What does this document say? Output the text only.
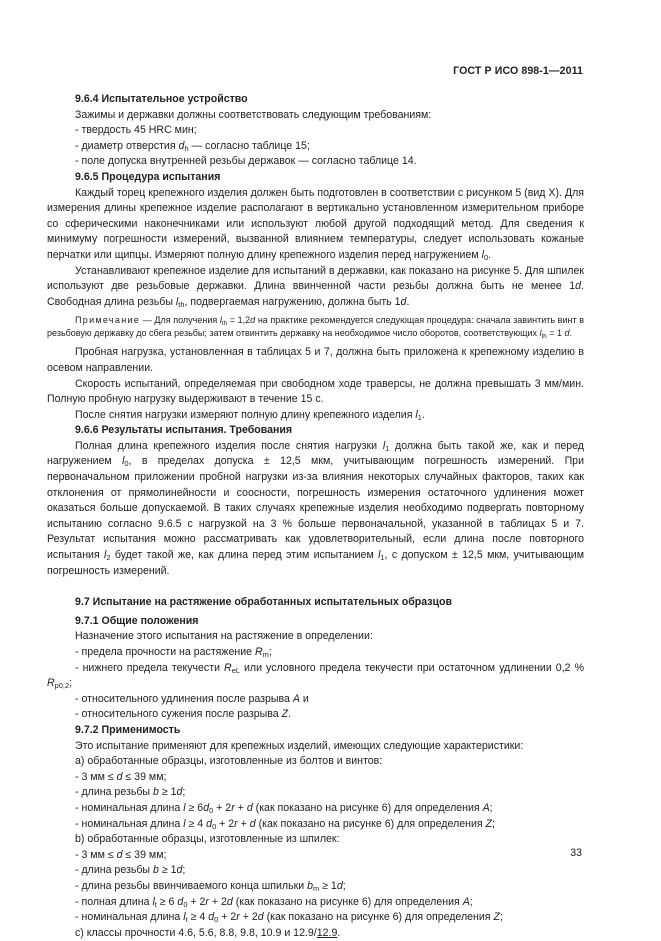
ГОСТ Р ИСО 898-1—2011

9.6.4 Испытательное устройство

Зажимы и державки должны соответствовать следующим требованиям:

- твердость 45 HRC мин;

- диаметр отверстия $d_h$ — согласно таблице 15;

- поле допуска внутренней резьбы державок — согласно таблице 14.

9.6.5 Процедура испытания

Каждый торец крепежного изделия должен быть подготовлен в соответствии с рисунком 5 (вид X). Для измерения длины крепежное изделие располагают в вертикально установленном измерительном приборе со сферическими наконечниками или используют любой другой подходящий метод. Для сведения к минимуму погрешности измерений, вызванной влиянием температуры, следует использовать кожаные перчатки или щипцы. Измеряют полную длину крепежного изделия перед нагружением $l_0$.

Устанавливают крепежное изделие для испытаний в державки, как показано на рисунке 5. Для шпилек используют две резьбовые державки. Длина ввинченной части резьбы должна быть не менее 1d. Свободная длина резьбы $l_{th}$, подвергаемая нагружению, должна быть 1d.

Примечание — Для получения $l_{th} = 1,2d$ на практике рекомендуется следующая процедура: сначала завинтить винт в резьбовую державку до сбега резьбы; затем отвинтить державку на необходимое число оборотов, соответствующих $l_{th} = 1$ d.

Пробная нагрузка, установленная в таблицах 5 и 7, должна быть приложена к крепежному изделию в осевом направлении.

Скорость испытаний, определяемая при свободном ходе траверсы, не должна превышать 3 мм/мин. Полную пробную нагрузку выдерживают в течение 15 с.

После снятия нагрузки измеряют полную длину крепежного изделия $l_1$.

9.6.6 Результаты испытания. Требования

Полная длина крепежного изделия после снятия нагрузки $l_1$ должна быть такой же, как и перед нагружением $l_0$, в пределах допуска ± 12,5 мкм, учитывающим погрешность измерений. При первоначальном приложении пробной нагрузки из-за влияния некоторых случайных факторов, таких как отклонения от прямолинейности и соосности, погрешность измерения остаточного удлинения может оказаться больше допускаемой. В таких случаях крепежные изделия необходимо подвергать повторному испытанию согласно 9.6.5 с нагрузкой на 3 % больше первоначальной, указанной в таблицах 5 и 7. Результат испытания можно рассматривать как удовлетворительный, если длина после повторного испытания $l_2$ будет такой же, как длина перед этим испытанием $l_1$, с допуском ± 12,5 мкм, учитывающим погрешность измерений.

9.7 Испытание на растяжение обработанных испытательных образцов

9.7.1 Общие положения

Назначение этого испытания на растяжение в определении:

- предела прочности на растяжение $R_m$;

- нижнего предела текучести $R_{eL}$ или условного предела текучести при остаточном удлинении 0,2 % $R_{p0,2}$;

- относительного удлинения после разрыва A и

- относительного сужения после разрыва Z.

9.7.2 Применимость

Это испытание применяют для крепежных изделий, имеющих следующие характеристики:

а) обработанные образцы, изготовленные из болтов и винтов:

- 3 мм ≤ d ≤ 39 мм;

- длина резьбы b ≥ 1d;

- номинальная длина $l \ge 6d_0 + 2r + d$ (как показано на рисунке 6) для определения A;

- номинальная длина l ≥ 4 $d_0 + 2r + d$ (как показано на рисунке 6) для определения Z;

b) обработанные образцы, изготовленные из шпилек:

- 3 мм ≤ d ≤ 39 мм;

- длина резьбы b ≥ 1d;

- длина резьбы ввинчиваемого конца шпильки $b_m \ge 1d$;

- полная длина $l_t \ge 6$ $d_0 + 2r + 2d$ (как показано на рисунке 6) для определения A;

- номинальная длина $l_t \ge 4$ $d_0 + 2r + 2d$ (как показано на рисунке 6) для определения Z;

с) классы прочности 4.6, 5.6, 8.8, 9.8, 10.9 и 12.9/12.9.

33
